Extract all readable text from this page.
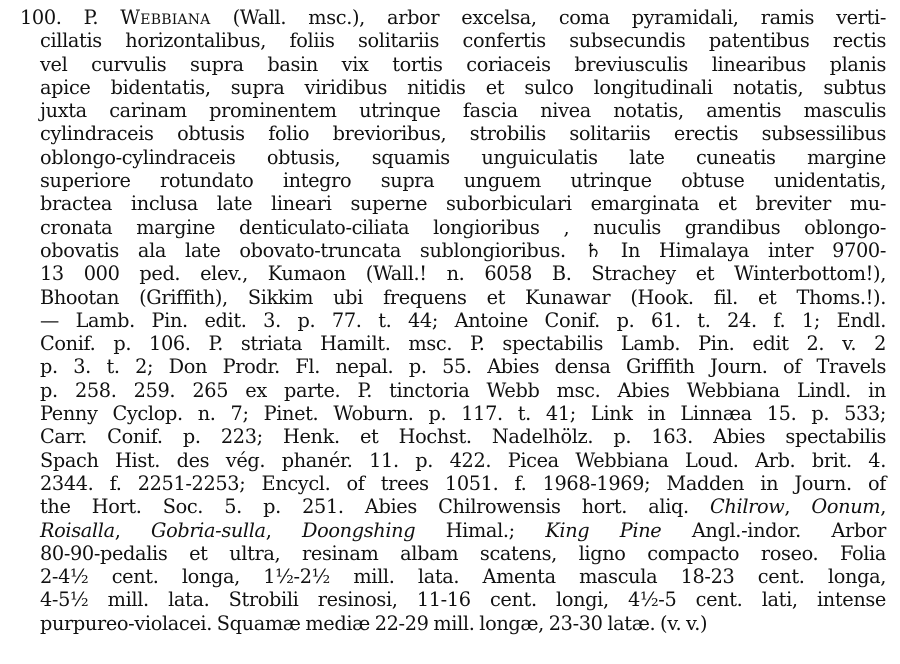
100. P. Webbiana (Wall. msc.), arbor excelsa, coma pyramidali, ramis verti-
cillatis horizontalibus, foliis solitariis confertis subsecundis patentibus rectis
vel curvulis supra basin vix tortis coriaceis breviusculis linearibus planis
apice bidentatis, supra viridibus nitidis et sulco longitudinali notatis, subtus
juxta carinam prominentem utrinque fascia nivea notatis, amentis masculis
cylindraceis obtusis folio brevioribus, strobilis solitariis erectis subsessilibus
oblongo-cylindraceis obtusis, squamis unguiculatis late cuneatis margine
superiore rotundato integro supra unguem utrinque obtuse unidentatis,
bractea inclusa late lineari superne suborbiculari emarginata et breviter mu-
cronata margine denticulato-ciliata longioribus , nuculis grandibus oblongo-
obovatis ala late obovato-truncata sublongioribus. ♄ In Himalaya inter 9700-
13 000 ped. elev., Kumaon (Wall.! n. 6058 B. Strachey et Winterbottom!),
Bhootan (Griffith), Sikkim ubi frequens et Kunawar (Hook. fil. et Thoms.!).
— Lamb. Pin. edit. 3. p. 77. t. 44; Antoine Conif. p. 61. t. 24. f. 1; Endl.
Conif. p. 106. P. striata Hamilt. msc. P. spectabilis Lamb. Pin. edit 2. v. 2
p. 3. t. 2; Don Prodr. Fl. nepal. p. 55. Abies densa Griffith Journ. of Travels
p. 258. 259. 265 ex parte. P. tinctoria Webb msc. Abies Webbiana Lindl. in
Penny Cyclop. n. 7; Pinet. Woburn. p. 117. t. 41; Link in Linnæa 15. p. 533;
Carr. Conif. p. 223; Henk. et Hochst. Nadelhölz. p. 163. Abies spectabilis
Spach Hist. des vég. phanér. 11. p. 422. Picea Webbiana Loud. Arb. brit. 4.
2344. f. 2251-2253; Encycl. of trees 1051. f. 1968-1969; Madden in Journ. of
the Hort. Soc. 5. p. 251. Abies Chilrowensis hort. aliq. Chilrow, Oonum,
Roisalla, Gobria-sulla, Doongshing Himal.; King Pine Angl.-indor. Arbor
80-90-pedalis et ultra, resinam albam scatens, ligno compacto roseo. Folia
2-4½ cent. longa, 1½-2½ mill. lata. Amenta mascula 18-23 cent. longa,
4-5½ mill. lata. Strobili resinosi, 11-16 cent. longi, 4½-5 cent. lati, intense
purpureo-violacei. Squamæ mediæ 22-29 mill. longæ, 23-30 latæ. (v. v.)
